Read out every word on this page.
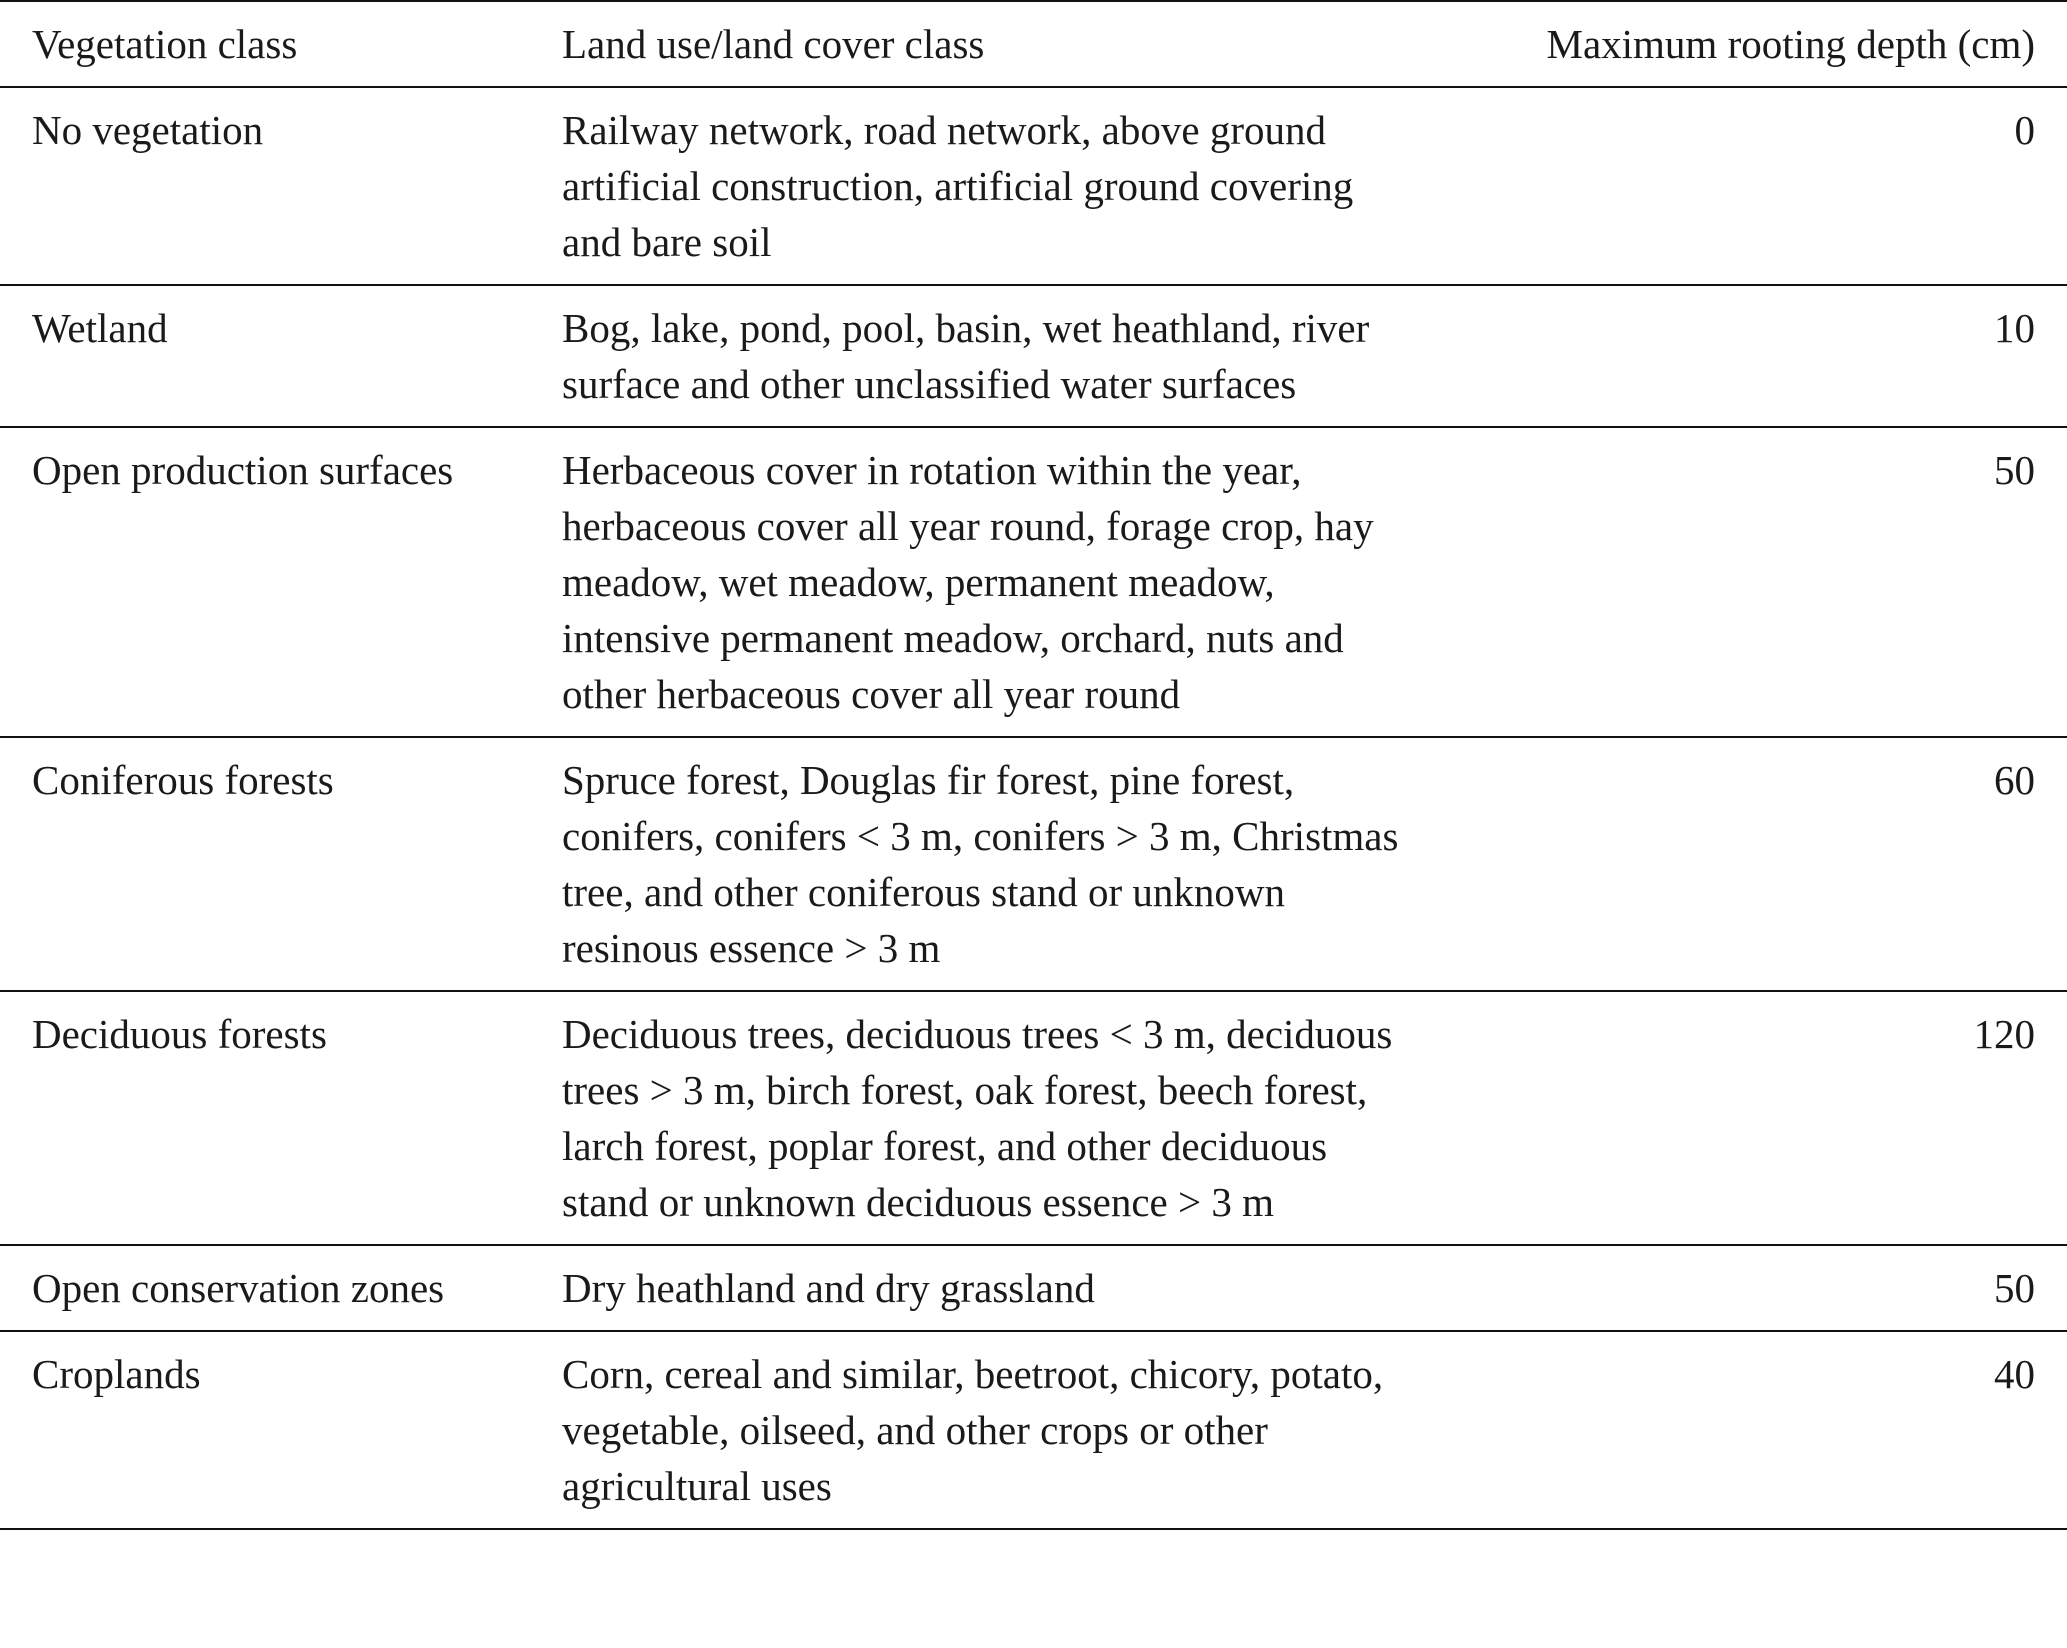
Vegetation class	Land use/land cover class	Maximum rooting depth (cm)
No vegetation	Railway network, road network, above ground artificial construction, artificial ground covering and bare soil	0
Wetland	Bog, lake, pond, pool, basin, wet heathland, river surface and other unclassified water surfaces	10
Open production surfaces	Herbaceous cover in rotation within the year, herbaceous cover all year round, forage crop, hay meadow, wet meadow, permanent meadow, intensive permanent meadow, orchard, nuts and other herbaceous cover all year round	50
Coniferous forests	Spruce forest, Douglas fir forest, pine forest, conifers, conifers < 3 m, conifers > 3 m, Christmas tree, and other coniferous stand or unknown resinous essence > 3 m	60
Deciduous forests	Deciduous trees, deciduous trees < 3 m, deciduous trees > 3 m, birch forest, oak forest, beech forest, larch forest, poplar forest, and other deciduous stand or unknown deciduous essence > 3 m	120
Open conservation zones	Dry heathland and dry grassland	50
Croplands	Corn, cereal and similar, beetroot, chicory, potato, vegetable, oilseed, and other crops or other agricultural uses	40
